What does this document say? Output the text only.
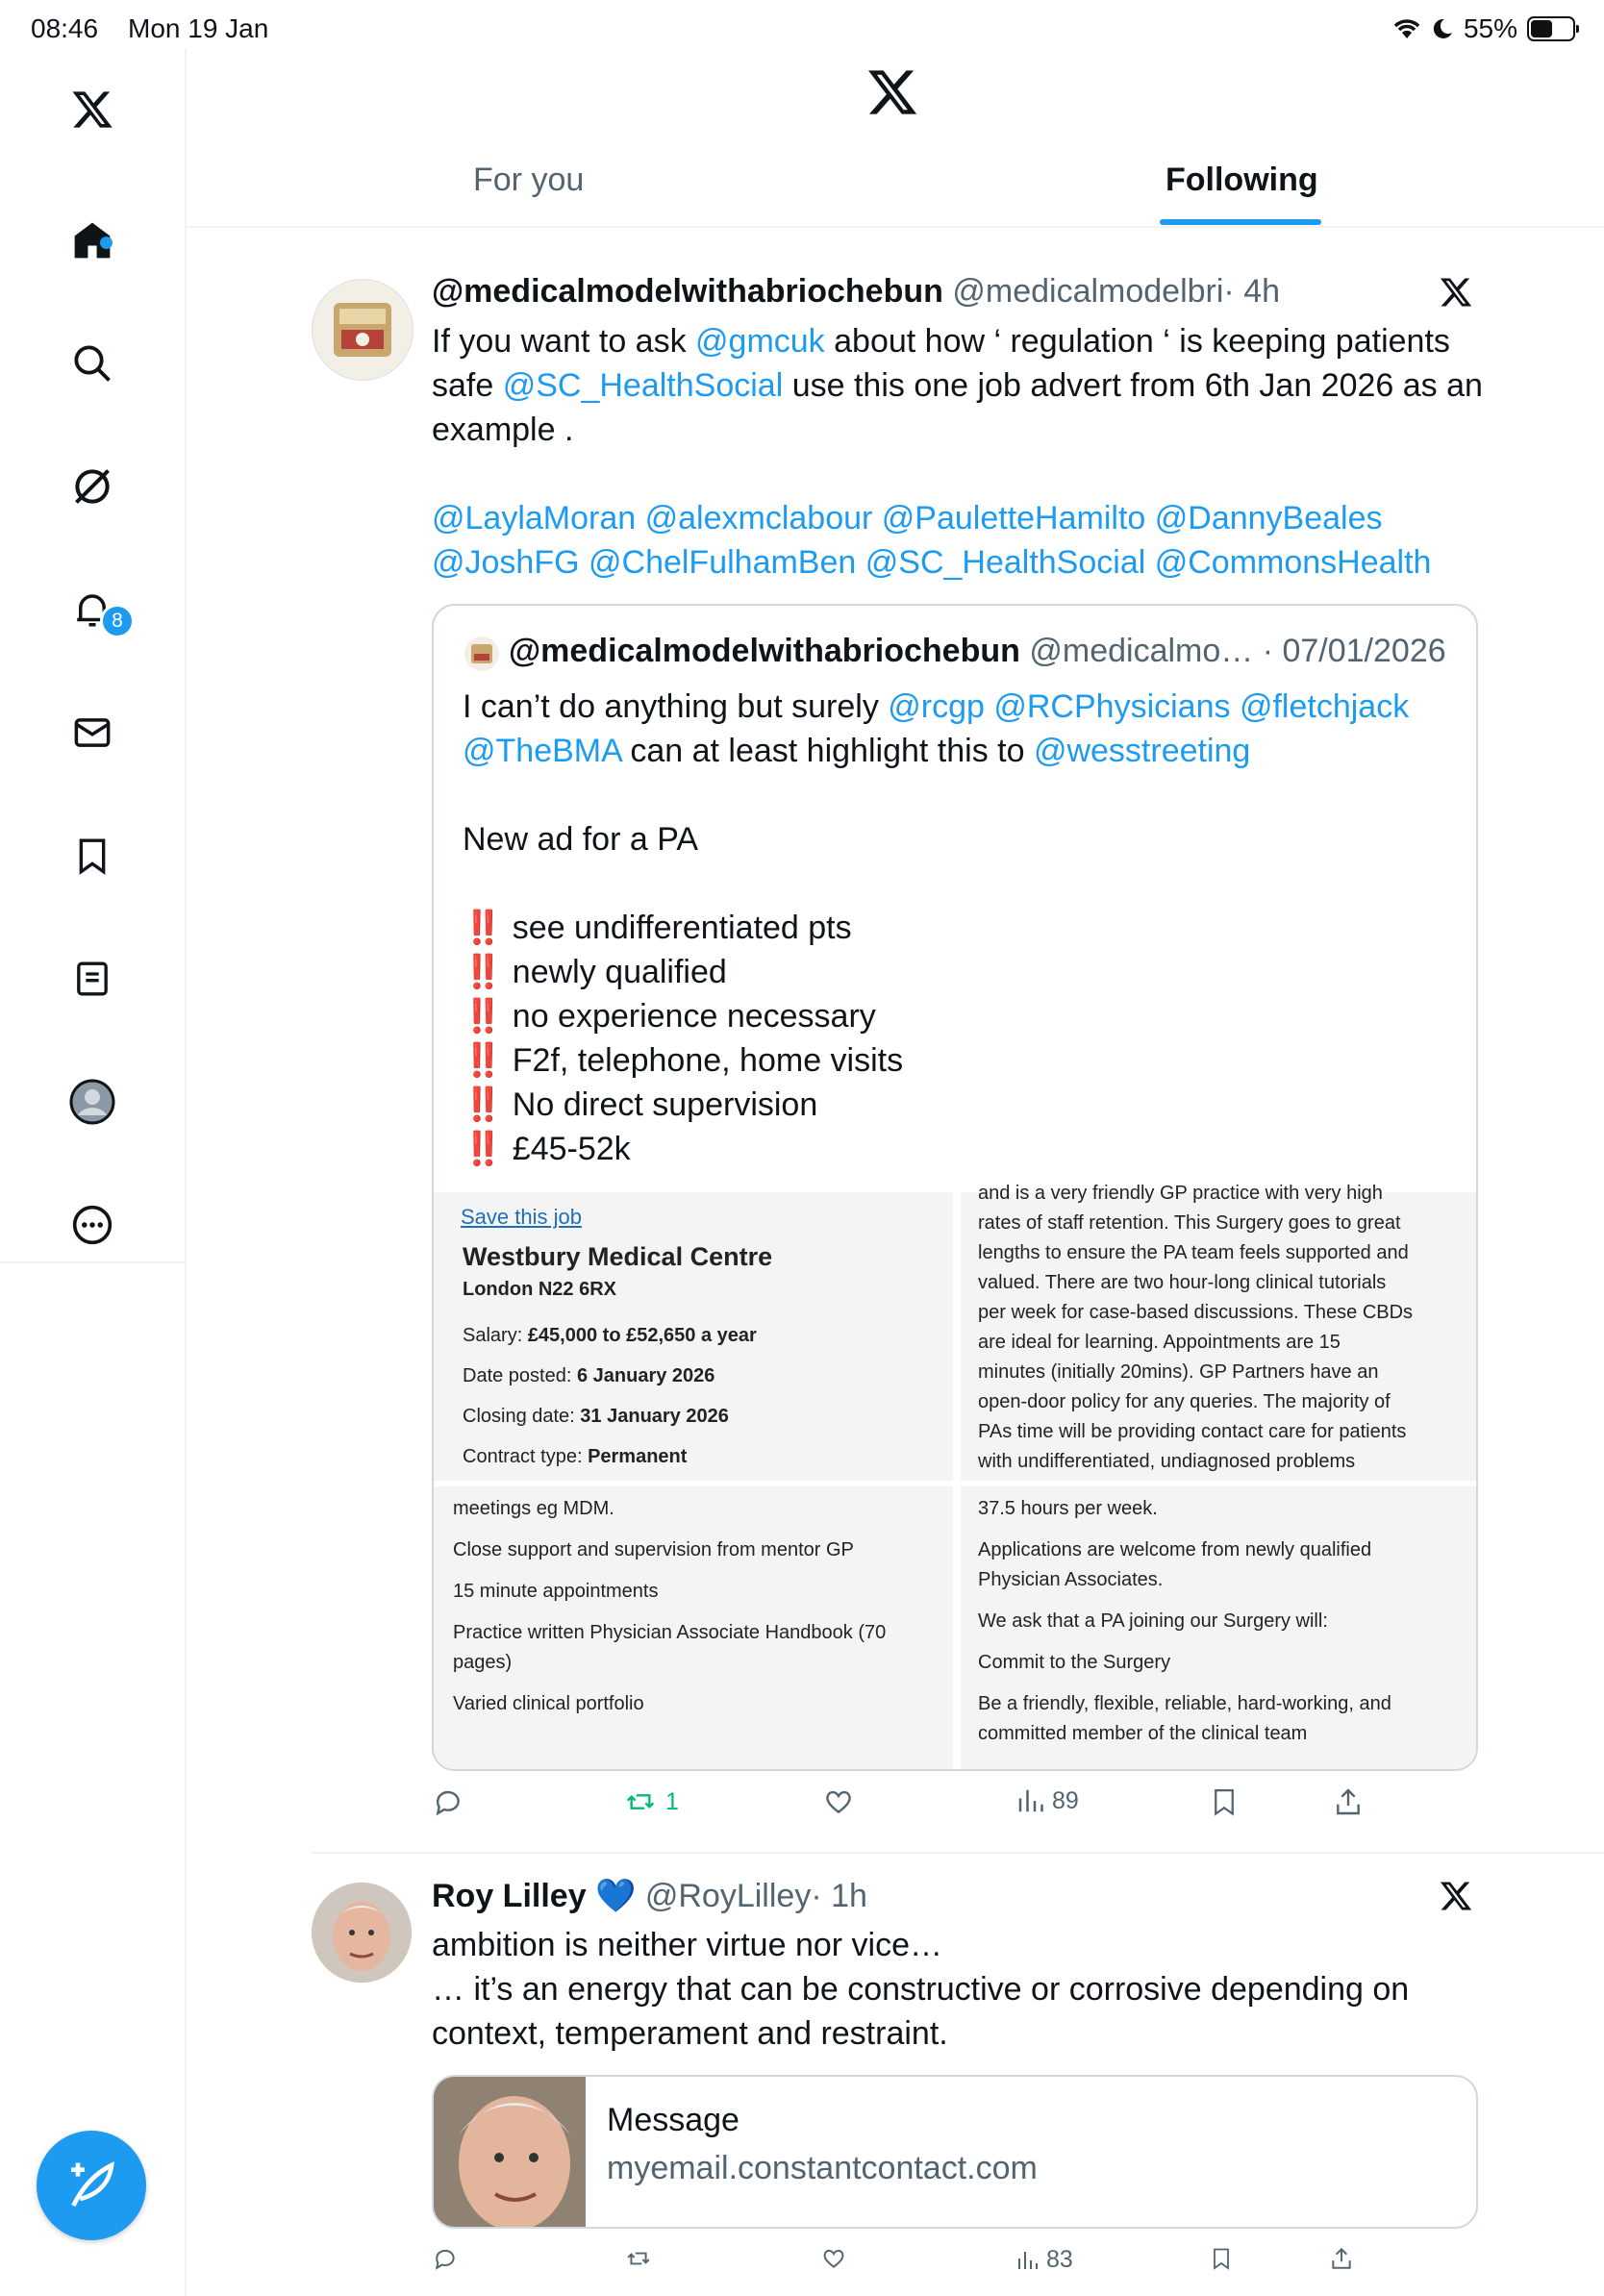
08:46 Mon 19 Jan	55%
8
For you	Following
@medicalmodelwithabriochebun @medicalmodelbri· 4h
If you want to ask @gmcuk about how ‘ regulation ‘ is keeping patients
safe @SC_HealthSocial use this one job advert from 6th Jan 2026 as an
example .
@LaylaMoran @alexmclabour @PauletteHamilto @DannyBeales
@JoshFG @ChelFulhamBen @SC_HealthSocial @CommonsHealth
@medicalmodelwithabriochebun @medicalmo… · 07/01/2026
I can’t do anything but surely @rcgp @RCPhysicians @fletchjack
@TheBMA can at least highlight this to @wesstreeting
New ad for a PA
‼️ see undifferentiated pts
‼️ newly qualified
‼️ no experience necessary
‼️ F2f, telephone, home visits
‼️ No direct supervision
‼️ £45-52k
Save this job
Westbury Medical Centre
London N22 6RX
Salary: £45,000 to £52,650 a year
Date posted: 6 January 2026
Closing date: 31 January 2026
Contract type: Permanent
and is a very friendly GP practice with very high
rates of staff retention. This Surgery goes to great
lengths to ensure the PA team feels supported and
valued. There are two hour-long clinical tutorials
per week for case-based discussions. These CBDs
are ideal for learning. Appointments are 15
minutes (initially 20mins). GP Partners have an
open-door policy for any queries. The majority of
PAs time will be providing contact care for patients
with undifferentiated, undiagnosed problems
meetings eg MDM.
Close support and supervision from mentor GP
15 minute appointments
Practice written Physician Associate Handbook (70
pages)
Varied clinical portfolio
37.5 hours per week.
Applications are welcome from newly qualified
Physician Associates.
We ask that a PA joining our Surgery will:
Commit to the Surgery
Be a friendly, flexible, reliable, hard-working, and
committed member of the clinical team
1	89
Roy Lilley 💙 @RoyLilley· 1h
ambition is neither virtue nor vice…
… it’s an energy that can be constructive or corrosive depending on
context, temperament and restraint.
Message
myemail.constantcontact.com
83
